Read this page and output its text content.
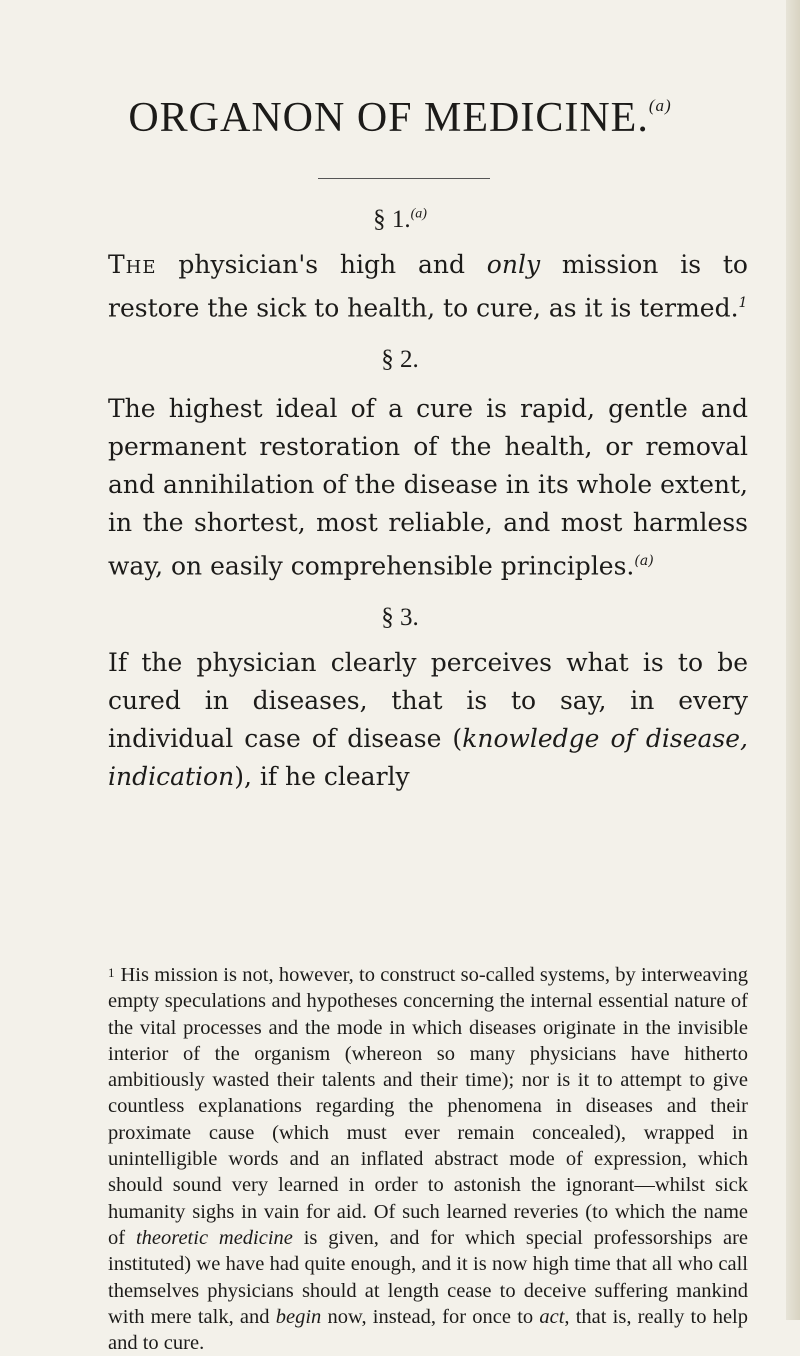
ORGANON OF MEDICINE.$^{(a)}$
§ 1.$^{(a)}$

The physician's high and only mission is to restore the sick to health, to cure, as it is termed.$^1$

§ 2.

The highest ideal of a cure is rapid, gentle and permanent restoration of the health, or removal and annihilation of the disease in its whole extent, in the shortest, most reliable, and most harmless way, on easily comprehensible principles.$^{(a)}$

§ 3.

If the physician clearly perceives what is to be cured in diseases, that is to say, in every individual case of disease (knowledge of disease, indication), if he clearly

1 His mission is not, however, to construct so-called systems, by interweaving empty speculations and hypotheses concerning the internal essential nature of the vital processes and the mode in which diseases originate in the invisible interior of the organism (whereon so many physicians have hitherto ambitiously wasted their talents and their time); nor is it to attempt to give countless explanations regarding the phenomena in diseases and their proximate cause (which must ever remain concealed), wrapped in unintelligible words and an inflated abstract mode of expression, which should sound very learned in order to astonish the ignorant—whilst sick humanity sighs in vain for aid. Of such learned reveries (to which the name of theoretic medicine is given, and for which special professorships are instituted) we have had quite enough, and it is now high time that all who call themselves physicians should at length cease to deceive suffering mankind with mere talk, and begin now, instead, for once to act, that is, really to help and to cure.
